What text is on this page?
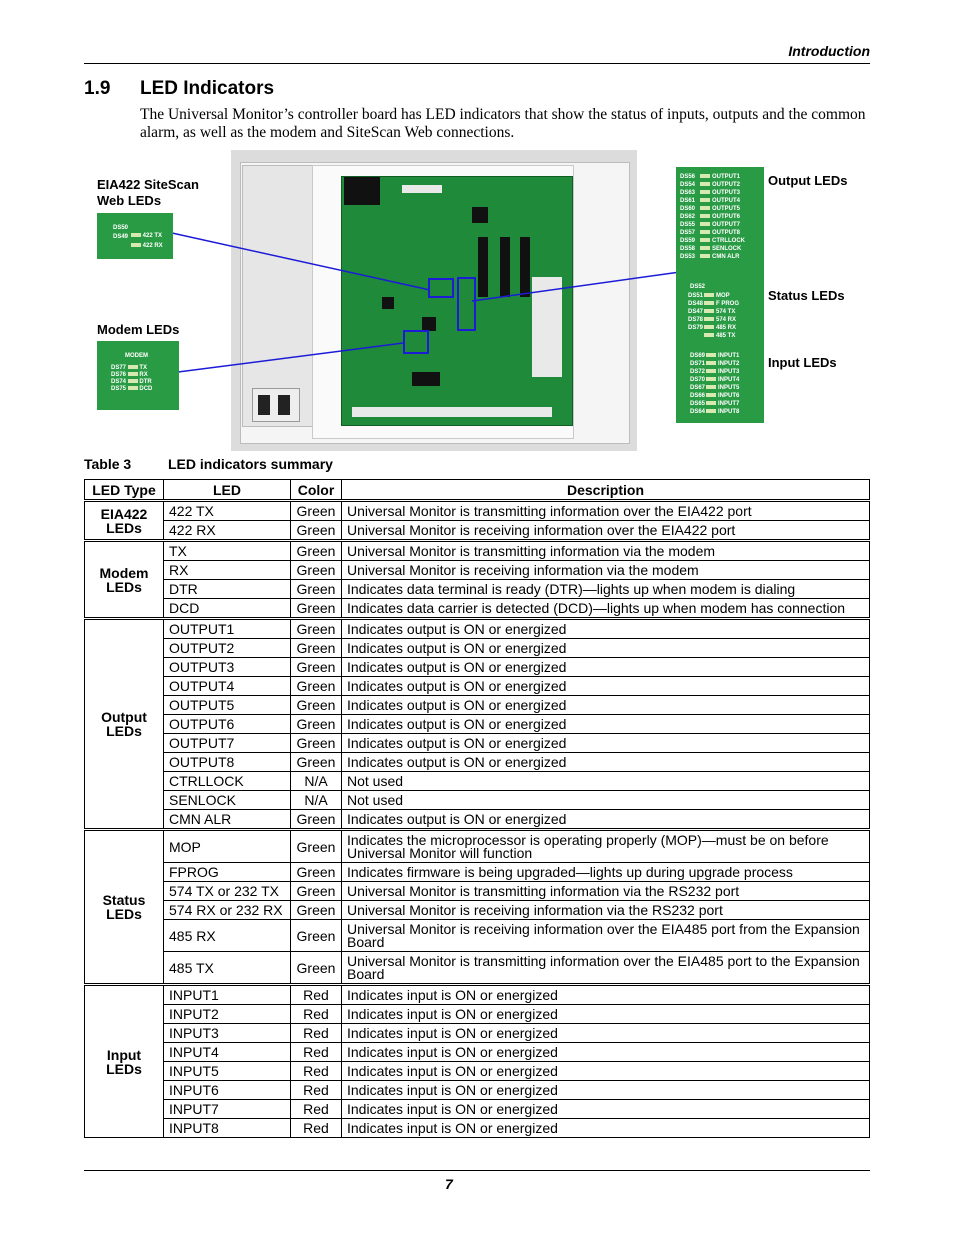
Introduction
1.9 LED Indicators
The Universal Monitor’s controller board has LED indicators that show the status of inputs, outputs and the common alarm, as well as the modem and SiteScan Web connections.
EIA422 SiteScan Web LEDs
Modem LEDs
Output LEDs
Status LEDs
Input LEDs
DS50
DS49	422 TX
422 RX
MODEM
DS77 TX
DS76 RX
DS74 DTR
DS75 DCD
DS56	OUTPUT1
DS54	OUTPUT2
DS63	OUTPUT3
DS61	OUTPUT4
DS60	OUTPUT5
DS62	OUTPUT6
DS55	OUTPUT7
DS57	OUTPUT8
DS59	CTRLLOCK
DS58	SENLOCK
DS53	CMN ALR
DS52
DS51 MOP
DS48 F PROG
DS47 574 TX
DS78 574 RX
DS79 485 RX
485 TX
DS69 INPUT1
DS71 INPUT2
DS72 INPUT3
DS70 INPUT4
DS67 INPUT5
DS66 INPUT6
DS65 INPUT7
DS64 INPUT8
Table 3	LED indicators summary
LED Type	LED	Color	Description
EIA422 LEDs	422 TX	Green	Universal Monitor is transmitting information over the EIA422 port
	422 RX	Green	Universal Monitor is receiving information over the EIA422 port
Modem LEDs	TX	Green	Universal Monitor is transmitting information via the modem
	RX	Green	Universal Monitor is receiving information via the modem
	DTR	Green	Indicates data terminal is ready (DTR)—lights up when modem is dialing
	DCD	Green	Indicates data carrier is detected (DCD)—lights up when modem has connection
Output LEDs	OUTPUT1	Green	Indicates output is ON or energized
	OUTPUT2	Green	Indicates output is ON or energized
	OUTPUT3	Green	Indicates output is ON or energized
	OUTPUT4	Green	Indicates output is ON or energized
	OUTPUT5	Green	Indicates output is ON or energized
	OUTPUT6	Green	Indicates output is ON or energized
	OUTPUT7	Green	Indicates output is ON or energized
	OUTPUT8	Green	Indicates output is ON or energized
	CTRLLOCK	N/A	Not used
	SENLOCK	N/A	Not used
	CMN ALR	Green	Indicates output is ON or energized
Status LEDs	MOP	Green	Indicates the microprocessor is operating properly (MOP)—must be on before Universal Monitor will function
	FPROG	Green	Indicates firmware is being upgraded—lights up during upgrade process
	574 TX or 232 TX	Green	Universal Monitor is transmitting information via the RS232 port
	574 RX or 232 RX	Green	Universal Monitor is receiving information via the RS232 port
	485 RX	Green	Universal Monitor is receiving information over the EIA485 port from the Expansion Board
	485 TX	Green	Universal Monitor is transmitting information over the EIA485 port to the Expansion Board
Input LEDs	INPUT1	Red	Indicates input is ON or energized
	INPUT2	Red	Indicates input is ON or energized
	INPUT3	Red	Indicates input is ON or energized
	INPUT4	Red	Indicates input is ON or energized
	INPUT5	Red	Indicates input is ON or energized
	INPUT6	Red	Indicates input is ON or energized
	INPUT7	Red	Indicates input is ON or energized
	INPUT8	Red	Indicates input is ON or energized
7
